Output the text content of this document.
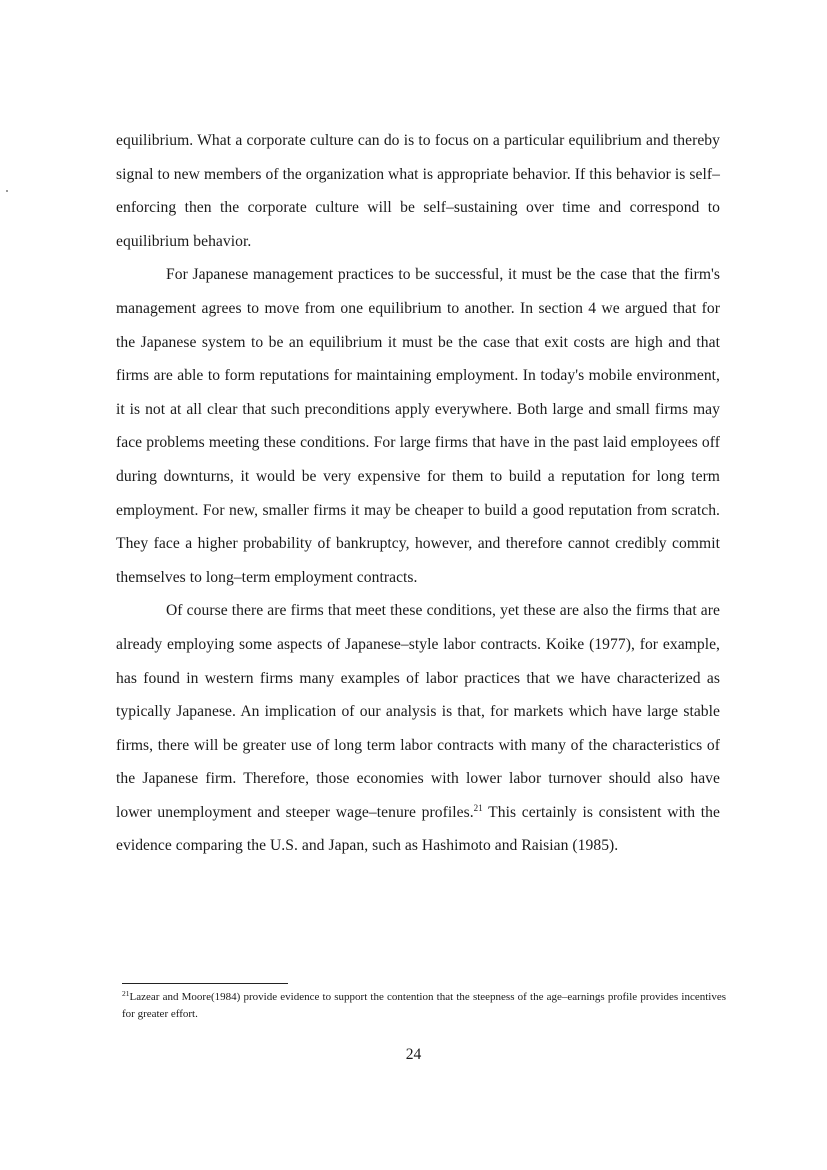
equilibrium. What a corporate culture can do is to focus on a particular equilibrium and thereby signal to new members of the organization what is appropriate behavior. If this behavior is self–enforcing then the corporate culture will be self–sustaining over time and correspond to equilibrium behavior.

For Japanese management practices to be successful, it must be the case that the firm's management agrees to move from one equilibrium to another. In section 4 we argued that for the Japanese system to be an equilibrium it must be the case that exit costs are high and that firms are able to form reputations for maintaining employment. In today's mobile environment, it is not at all clear that such preconditions apply everywhere. Both large and small firms may face problems meeting these conditions. For large firms that have in the past laid employees off during downturns, it would be very expensive for them to build a reputation for long term employment. For new, smaller firms it may be cheaper to build a good reputation from scratch. They face a higher probability of bankruptcy, however, and therefore cannot credibly commit themselves to long–term employment contracts.

Of course there are firms that meet these conditions, yet these are also the firms that are already employing some aspects of Japanese–style labor contracts. Koike (1977), for example, has found in western firms many examples of labor practices that we have characterized as typically Japanese. An implication of our analysis is that, for markets which have large stable firms, there will be greater use of long term labor contracts with many of the characteristics of the Japanese firm. Therefore, those economies with lower labor turnover should also have lower unemployment and steeper wage–tenure profiles.$^{21}$ This certainly is consistent with the evidence comparing the U.S. and Japan, such as Hashimoto and Raisian (1985).

$^{21}$Lazear and Moore(1984) provide evidence to support the contention that the steepness of the age–earnings profile provides incentives for greater effort.

24
